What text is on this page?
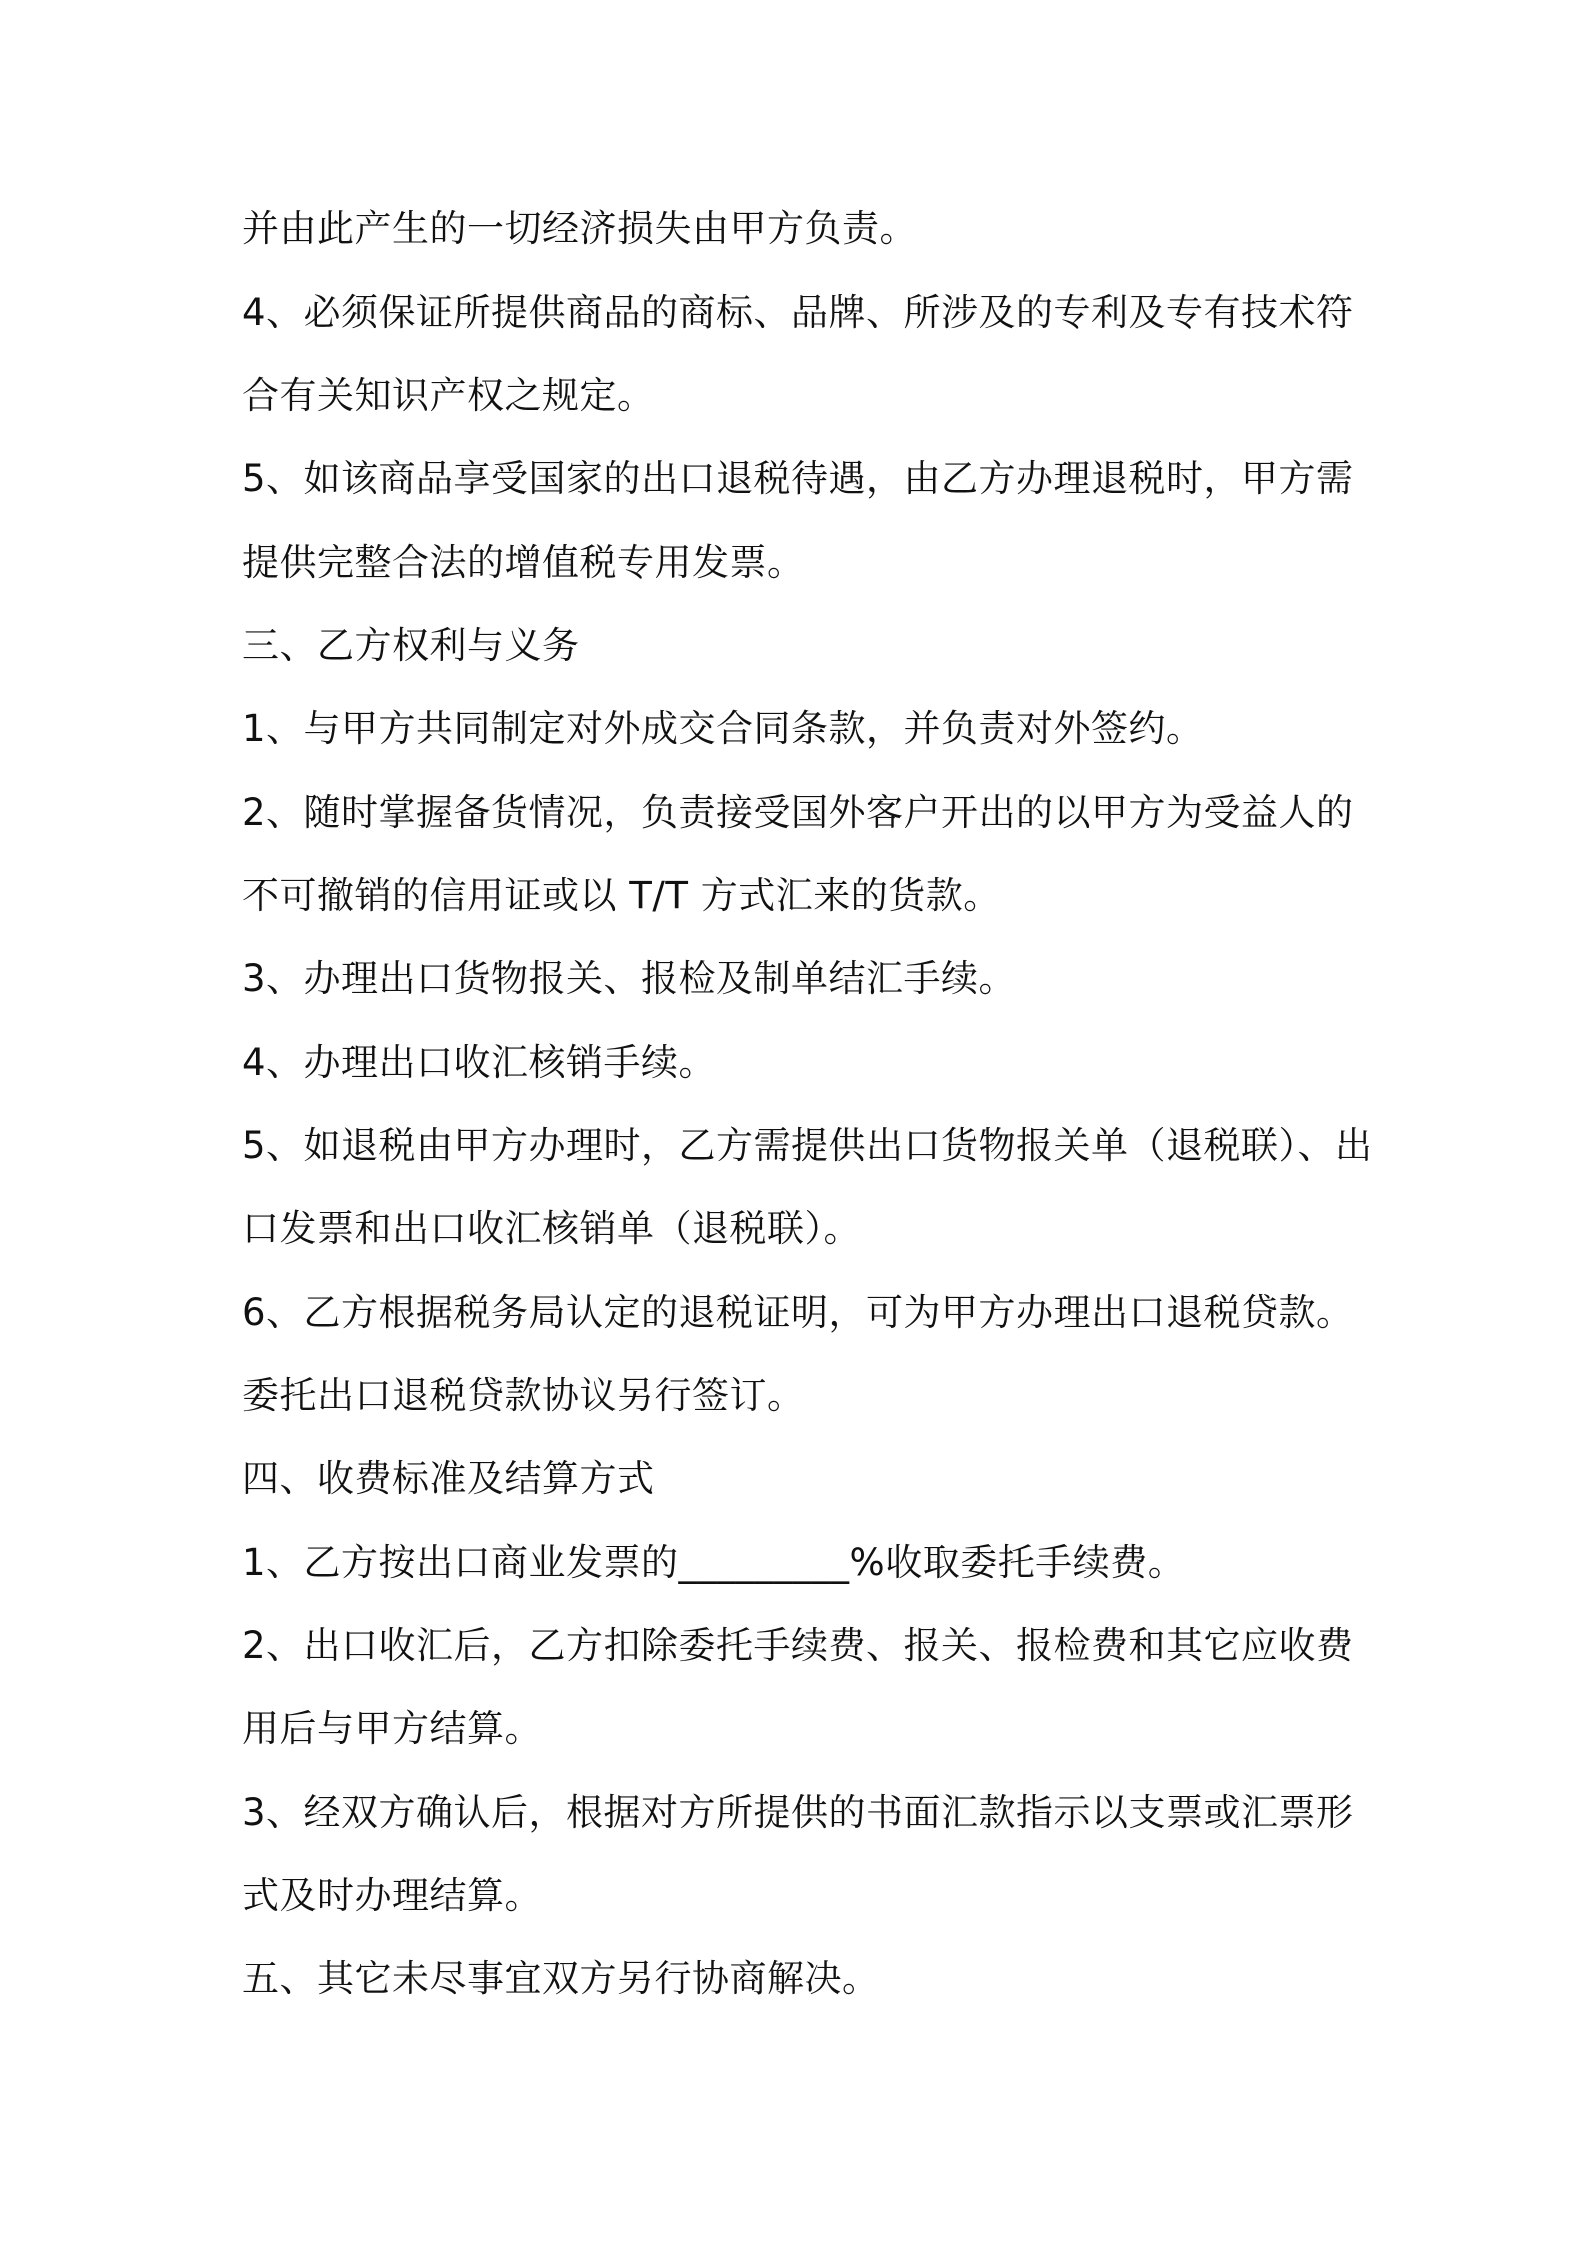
并由此产生的一切经济损失由甲方负责。
4、必须保证所提供商品的商标、品牌、所涉及的专利及专有技术符
合有关知识产权之规定。
5、如该商品享受国家的出口退税待遇，由乙方办理退税时，甲方需
提供完整合法的增值税专用发票。
三、乙方权利与义务
1、与甲方共同制定对外成交合同条款，并负责对外签约。
2、随时掌握备货情况，负责接受国外客户开出的以甲方为受益人的
不可撤销的信用证或以 T/T 方式汇来的货款。
3、办理出口货物报关、报检及制单结汇手续。
4、办理出口收汇核销手续。
5、如退税由甲方办理时，乙方需提供出口货物报关单（退税联）、出
口发票和出口收汇核销单（退税联）。
6、乙方根据税务局认定的退税证明，可为甲方办理出口退税贷款。
委托出口退税贷款协议另行签订。
四、收费标准及结算方式
1、乙方按出口商业发票的_________%收取委托手续费。
2、出口收汇后，乙方扣除委托手续费、报关、报检费和其它应收费
用后与甲方结算。
3、经双方确认后，根据对方所提供的书面汇款指示以支票或汇票形
式及时办理结算。
五、其它未尽事宜双方另行协商解决。
